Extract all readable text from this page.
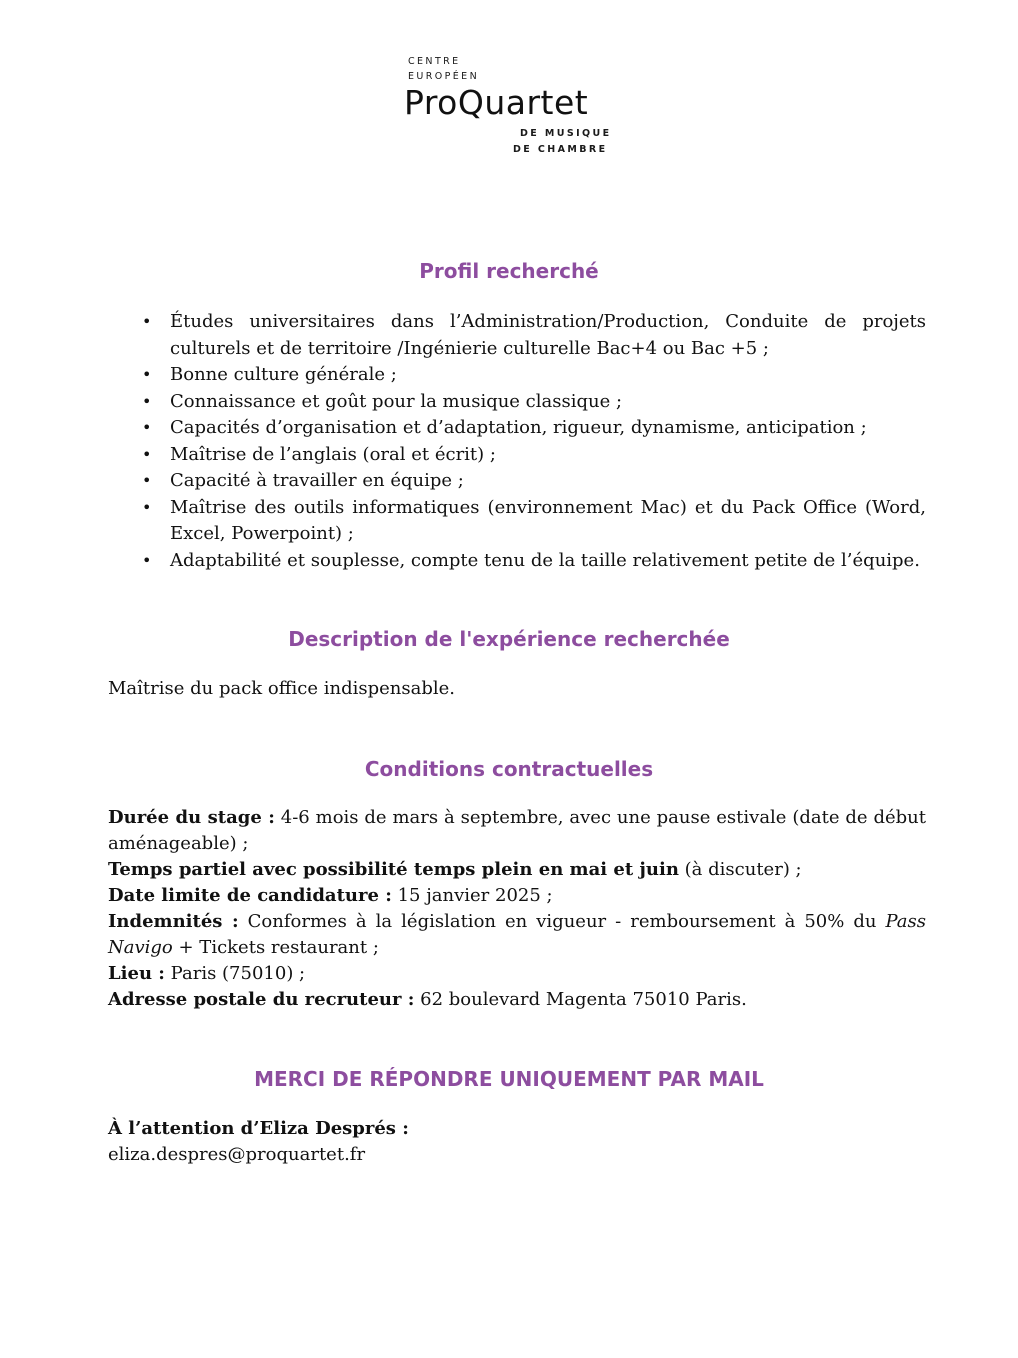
CENTRE
EUROPÉEN
ProQuartet
DE MUSIQUE
DE CHAMBRE
Profil recherché
• Études universitaires dans l’Administration/Production, Conduite de projets culturels et de territoire /Ingénierie culturelle Bac+4 ou Bac +5 ;
• Bonne culture générale ;
• Connaissance et goût pour la musique classique ;
• Capacités d’organisation et d’adaptation, rigueur, dynamisme, anticipation ;
• Maîtrise de l’anglais (oral et écrit) ;
• Capacité à travailler en équipe ;
• Maîtrise des outils informatiques (environnement Mac) et du Pack Office (Word, Excel, Powerpoint) ;
• Adaptabilité et souplesse, compte tenu de la taille relativement petite de l’équipe.
Description de l'expérience recherchée

Maîtrise du pack office indispensable.

Conditions contractuelles

Durée du stage : 4-6 mois de mars à septembre, avec une pause estivale (date de début aménageable) ;

Temps partiel avec possibilité temps plein en mai et juin (à discuter) ;

Date limite de candidature : 15 janvier 2025 ;

Indemnités : Conformes à la législation en vigueur - remboursement à 50% du Pass Navigo + Tickets restaurant ;

Lieu : Paris (75010) ;

Adresse postale du recruteur : 62 boulevard Magenta 75010 Paris.

MERCI DE RÉPONDRE UNIQUEMENT PAR MAIL

À l’attention d’Eliza Després :

eliza.despres@proquartet.fr
